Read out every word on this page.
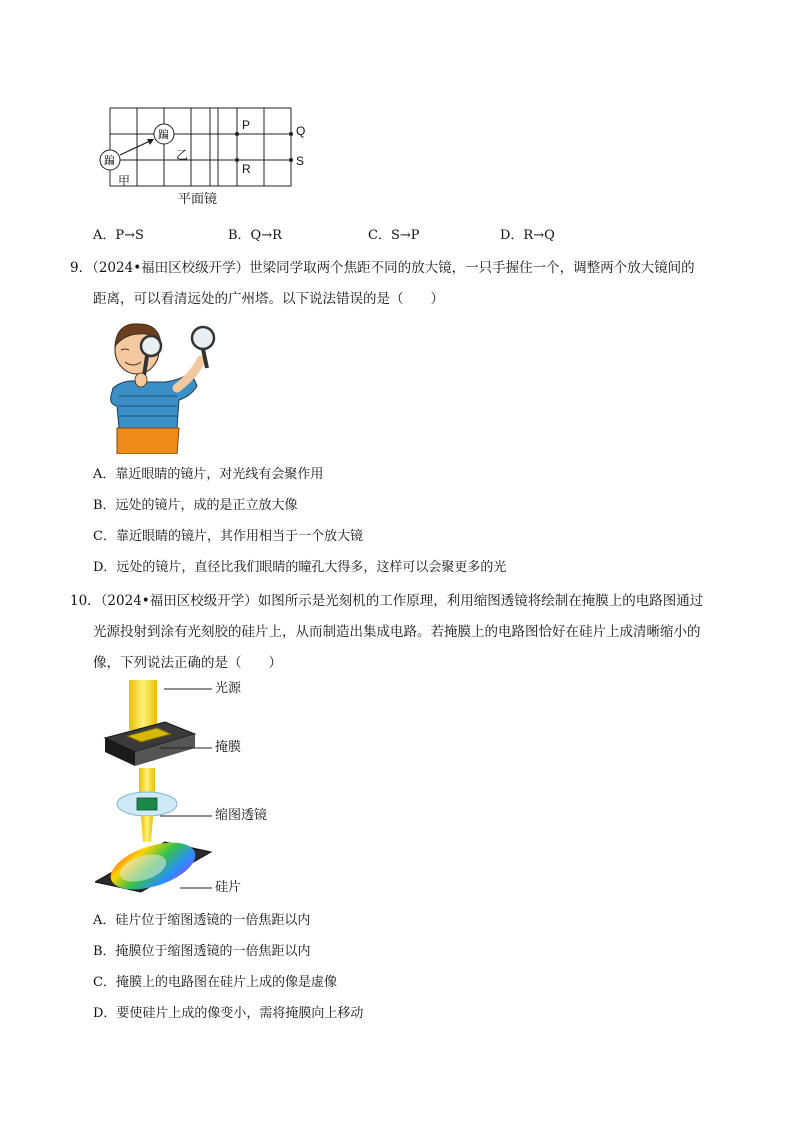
蹁
蹁
甲
乙
P	Q
R
S
平面镜
A．P→S	B．Q→R	C．S→P	D．R→Q
9．（2024•福田区校级开学）世梁同学取两个焦距不同的放大镜，一只手握住一个，调整两个放大镜间的
距离，可以看清远处的广州塔。以下说法错误的是（　　）
A．靠近眼睛的镜片，对光线有会聚作用
B．远处的镜片，成的是正立放大像
C．靠近眼睛的镜片，其作用相当于一个放大镜
D．远处的镜片，直径比我们眼睛的瞳孔大得多，这样可以会聚更多的光
10．（2024•福田区校级开学）如图所示是光刻机的工作原理，利用缩图透镜将绘制在掩膜上的电路图通过
光源投射到涂有光刻胶的硅片上，从而制造出集成电路。若掩膜上的电路图恰好在硅片上成清晰缩小的
像，下列说法正确的是（　　）
光源
掩膜
缩图透镜
硅片
A．硅片位于缩图透镜的一倍焦距以内
B．掩膜位于缩图透镜的一倍焦距以内
C．掩膜上的电路图在硅片上成的像是虚像
D．要使硅片上成的像变小，需将掩膜向上移动
